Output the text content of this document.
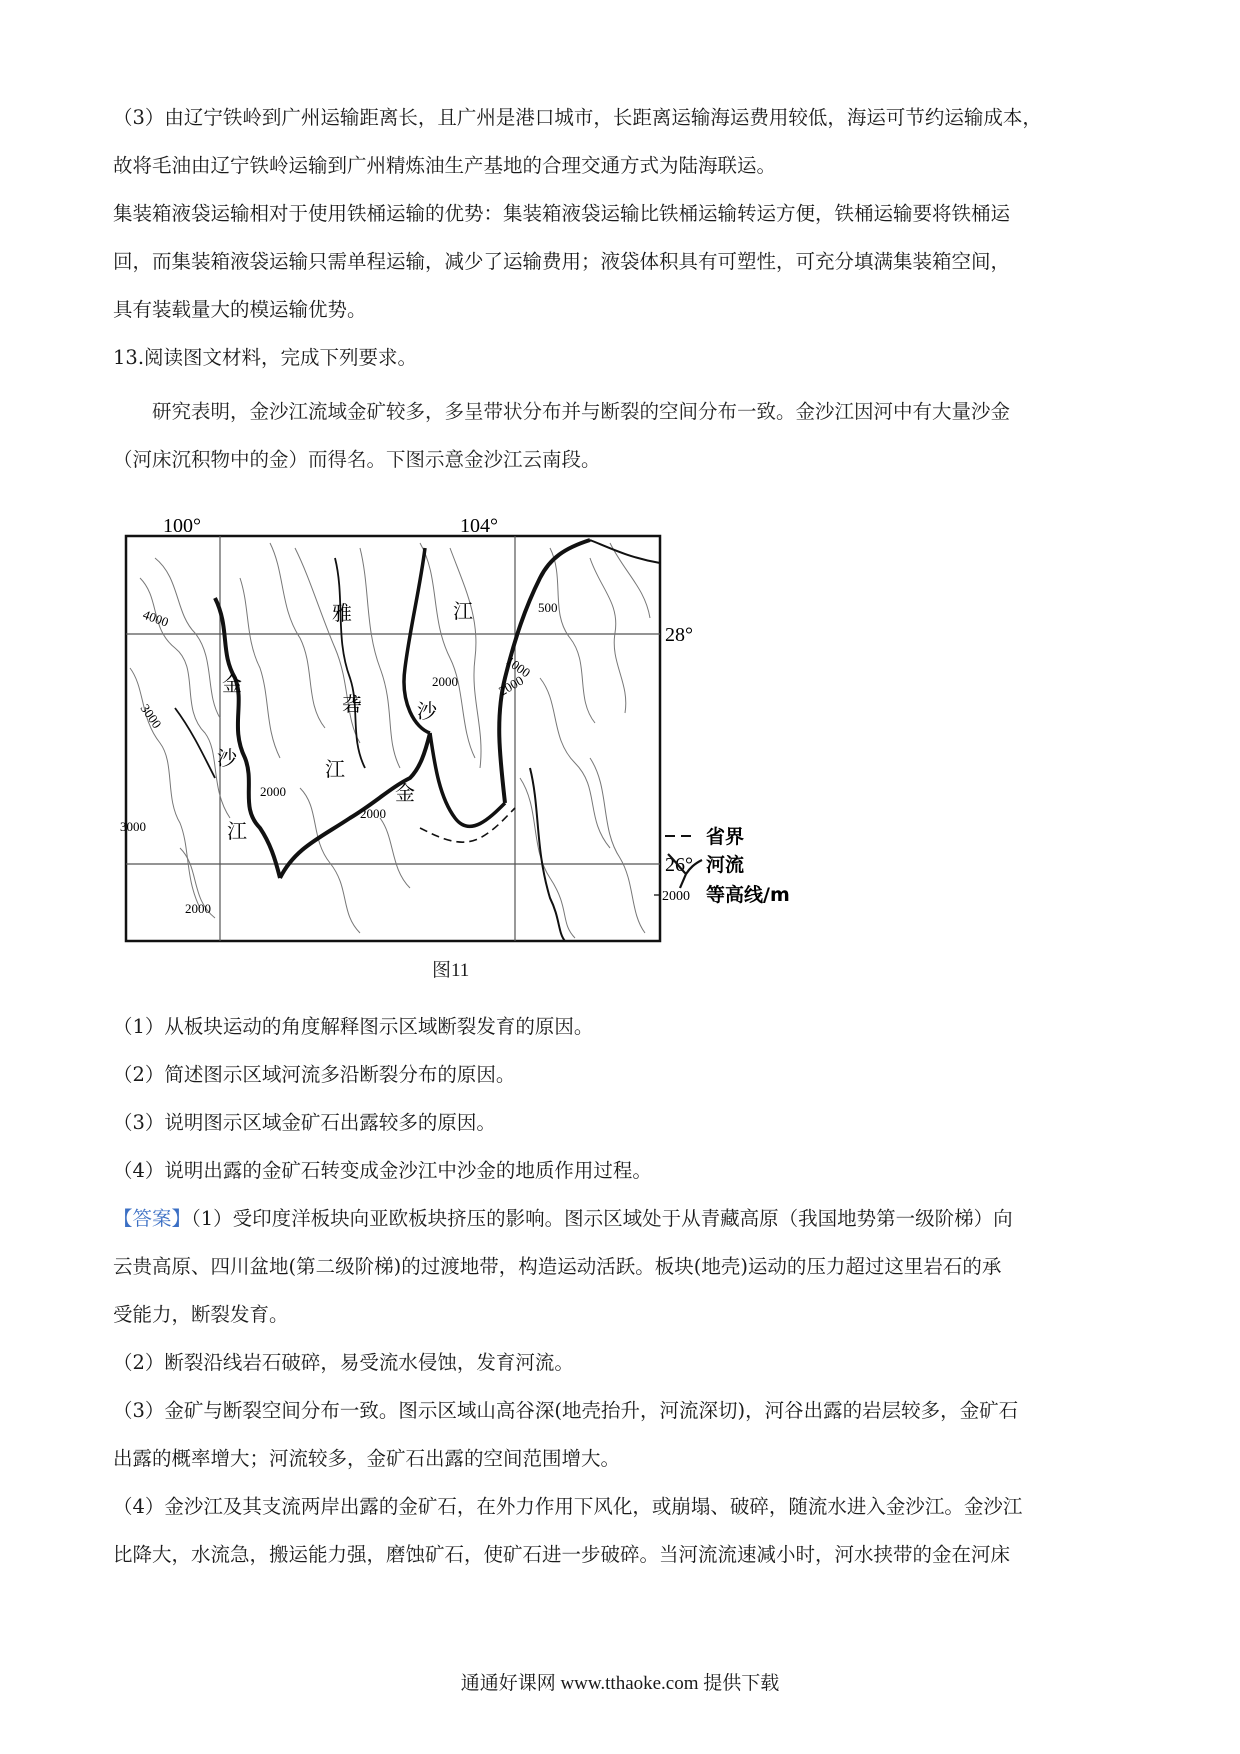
（3）由辽宁铁岭到广州运输距离长，且广州是港口城市，长距离运输海运费用较低，海运可节约运输成本，
故将毛油由辽宁铁岭运输到广州精炼油生产基地的合理交通方式为陆海联运。
集装箱液袋运输相对于使用铁桶运输的优势：集装箱液袋运输比铁桶运输转运方便，铁桶运输要将铁桶运
回，而集装箱液袋运输只需单程运输，减少了运输费用；液袋体积具有可塑性，可充分填满集装箱空间，
具有装载量大的模运输优势。
13.阅读图文材料，完成下列要求。
研究表明，金沙江流域金矿较多，多呈带状分布并与断裂的空间分布一致。金沙江因河中有大量沙金
（河床沉积物中的金）而得名。下图示意金沙江云南段。
100°	104°
28°
26°
4000
3000
2000
3000
2000
2000
2000
500
1000
2000
金
沙
江
雅
砻
江
江
沙
金
省界
河流
2000 等高线/m
图11
（1）从板块运动的角度解释图示区域断裂发育的原因。
（2）简述图示区域河流多沿断裂分布的原因。
（3）说明图示区域金矿石出露较多的原因。
（4）说明出露的金矿石转变成金沙江中沙金的地质作用过程。
【答案】（1）受印度洋板块向亚欧板块挤压的影响。图示区域处于从青藏高原（我国地势第一级阶梯）向
云贵高原、四川盆地(第二级阶梯)的过渡地带，构造运动活跃。板块(地壳)运动的压力超过这里岩石的承
受能力，断裂发育。
（2）断裂沿线岩石破碎，易受流水侵蚀，发育河流。
（3）金矿与断裂空间分布一致。图示区域山高谷深(地壳抬升，河流深切)，河谷出露的岩层较多，金矿石
出露的概率增大；河流较多，金矿石出露的空间范围增大。
（4）金沙江及其支流两岸出露的金矿石，在外力作用下风化，或崩塌、破碎，随流水进入金沙江。金沙江
比降大，水流急，搬运能力强，磨蚀矿石，使矿石进一步破碎。当河流流速减小时，河水挟带的金在河床
通通好课网 www.tthaoke.com 提供下载
